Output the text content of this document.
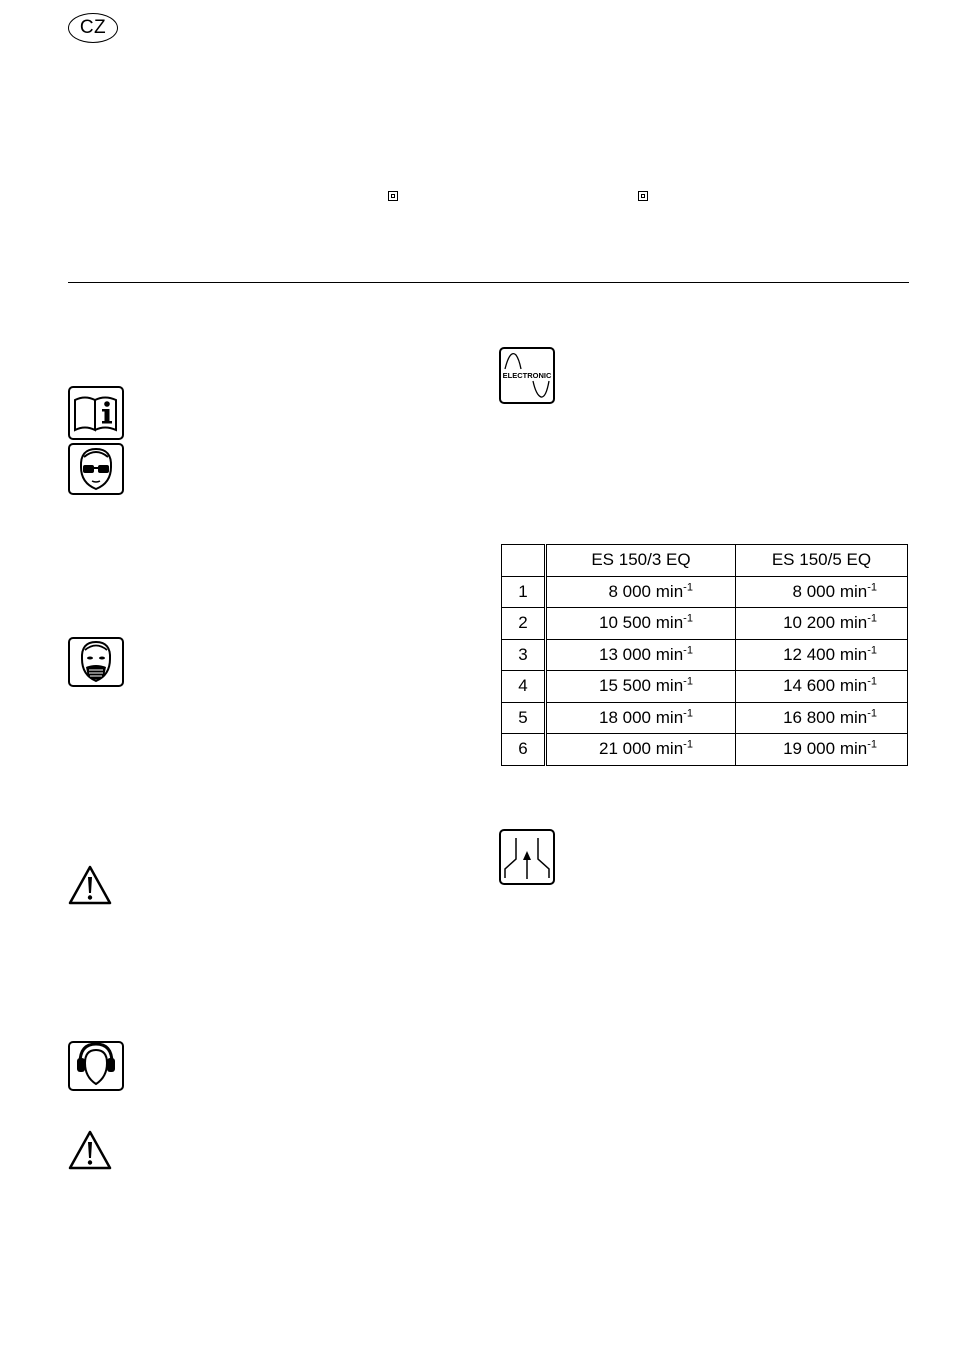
CZ
ELECTRONIC
	ES 150/3 EQ	ES 150/5 EQ
1	8 000 $\min^{-1}$	8 000 $\min^{-1}$
2	10 500 $\min^{-1}$	10 200 $\min^{-1}$
3	13 000 $\min^{-1}$	12 400 $\min^{-1}$
4	15 500 $\min^{-1}$	14 600 $\min^{-1}$
5	18 000 $\min^{-1}$	16 800 $\min^{-1}$
6	21 000 $\min^{-1}$	19 000 $\min^{-1}$
